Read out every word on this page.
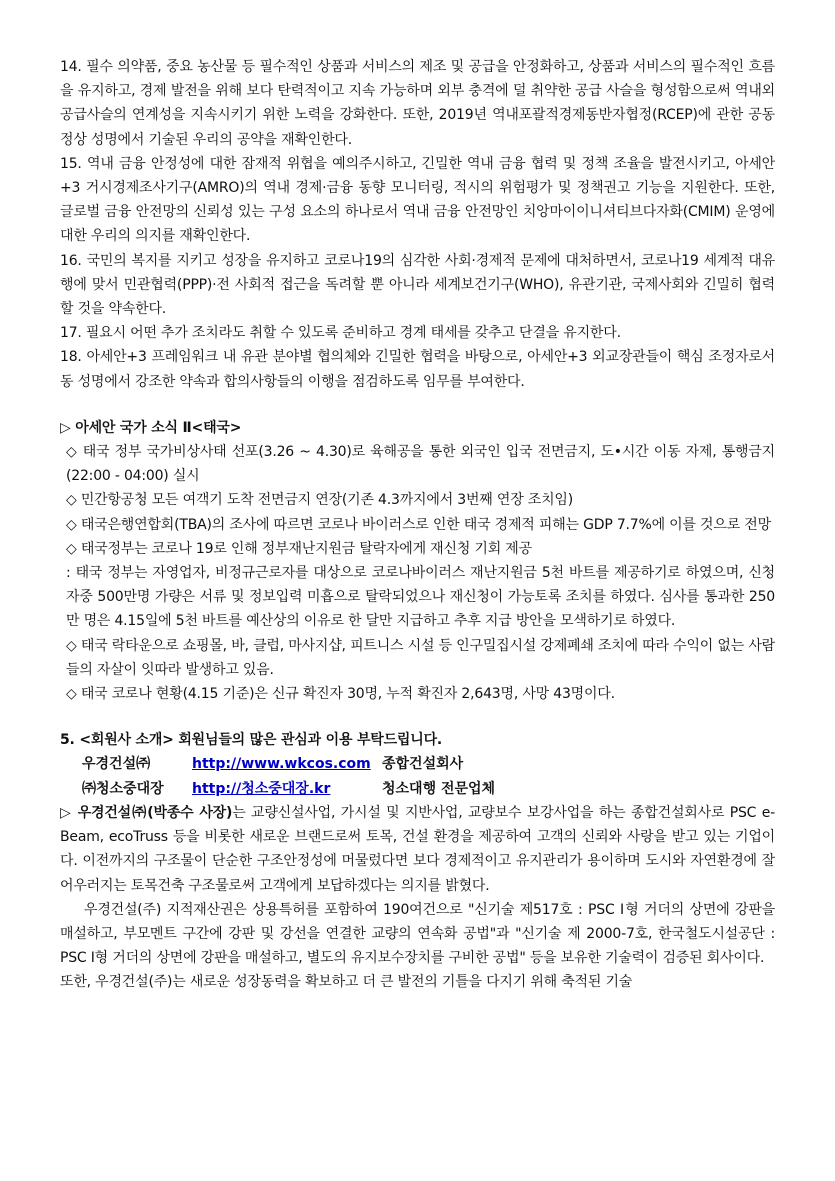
14. 필수 의약품, 중요 농산물 등 필수적인 상품과 서비스의 제조 및 공급을 안정화하고, 상품과 서비스의 필수적인 흐름을 유지하고, 경제 발전을 위해 보다 탄력적이고 지속 가능하며 외부 충격에 덜 취약한 공급 사슬을 형성함으로써 역내외 공급사슬의 연계성을 지속시키기 위한 노력을 강화한다. 또한, 2019년 역내포괄적경제동반자협정(RCEP)에 관한 공동 정상 성명에서 기술된 우리의 공약을 재확인한다.

15. 역내 금융 안정성에 대한 잠재적 위협을 예의주시하고, 긴밀한 역내 금융 협력 및 정책 조율을 발전시키고, 아세안+3 거시경제조사기구(AMRO)의 역내 경제·금융 동향 모니터링, 적시의 위험평가 및 정책권고 기능을 지원한다. 또한, 글로벌 금융 안전망의 신뢰성 있는 구성 요소의 하나로서 역내 금융 안전망인 치앙마이이니셔티브다자화(CMIM) 운영에 대한 우리의 의지를 재확인한다.

16. 국민의 복지를 지키고 성장을 유지하고 코로나19의 심각한 사회·경제적 문제에 대처하면서, 코로나19 세계적 대유행에 맞서 민관협력(PPP)·전 사회적 접근을 독려할 뿐 아니라 세계보건기구(WHO), 유관기관, 국제사회와 긴밀히 협력할 것을 약속한다.

17. 필요시 어떤 추가 조치라도 취할 수 있도록 준비하고 경계 태세를 갖추고 단결을 유지한다.

18. 아세안+3 프레임워크 내 유관 분야별 협의체와 긴밀한 협력을 바탕으로, 아세안+3 외교장관들이 핵심 조정자로서 동 성명에서 강조한 약속과 합의사항들의 이행을 점검하도록 임무를 부여한다.

▷ 아세안 국가 소식 Ⅱ<태국>

◇ 태국 정부 국가비상사태 선포(3.26 ~ 4.30)로 육해공을 통한 외국인 입국 전면금지, 도•시간 이동 자제, 통행금지(22:00 - 04:00) 실시

◇ 민간항공청 모든 여객기 도착 전면금지 연장(기존 4.3까지에서 3번째 연장 조치임)

◇ 태국은행연합회(TBA)의 조사에 따르면 코로나 바이러스로 인한 태국 경제적 피해는 GDP 7.7%에 이를 것으로 전망

◇ 태국정부는 코로나 19로 인해 정부재난지원금 탈락자에게 재신청 기회 제공

: 태국 정부는 자영업자, 비정규근로자를 대상으로 코로나바이러스 재난지원금 5천 바트를 제공하기로 하였으며, 신청자중 500만명 가량은 서류 및 정보입력 미흡으로 탈락되었으나 재신청이 가능토록 조치를 하였다. 심사를 통과한 250만 명은 4.15일에 5천 바트를 예산상의 이유로 한 달만 지급하고 추후 지급 방안을 모색하기로 하였다.

◇ 태국 락타운으로 쇼핑몰, 바, 클럽, 마사지샵, 피트니스 시설 등 인구밀집시설 강제폐쇄 조치에 따라 수익이 없는 사람들의 자살이 잇따라 발생하고 있음.

◇ 태국 코로나 현황(4.15 기준)은 신규 확진자 30명, 누적 확진자 2,643명, 사망 43명이다.

5. <회원사 소개> 회원님들의 많은 관심과 이용 부탁드립니다.

우경건설㈜	http://www.wkcos.com 종합건설회사
㈜청소중대장	http://청소중대장.kr	청소대행 전문업체

▷ 우경건설㈜(박종수 사장)는 교량신설사업, 가시설 및 지반사업, 교량보수 보강사업을 하는 종합건설회사로 PSC e-Beam, ecoTruss 등을 비롯한 새로운 브랜드로써 토목, 건설 환경을 제공하여 고객의 신뢰와 사랑을 받고 있는 기업이다. 이전까지의 구조물이 단순한 구조안정성에 머물렀다면 보다 경제적이고 유지관리가 용이하며 도시와 자연환경에 잘 어우러지는 토목건축 구조물로써 고객에게 보답하겠다는 의지를 밝혔다.

우경건설(주) 지적재산권은 상용특허를 포함하여 190여건으로 "신기술 제517호 : PSC Ⅰ형 거더의 상면에 강판을 매설하고, 부모멘트 구간에 강판 및 강선을 연결한 교량의 연속화 공법"과 "신기술 제 2000-7호, 한국철도시설공단 : PSC Ⅰ형 거더의 상면에 강판을 매설하고, 별도의 유지보수장치를 구비한 공법" 등을 보유한 기술력이 검증된 회사이다.

또한, 우경건설(주)는 새로운 성장동력을 확보하고 더 큰 발전의 기틀을 다지기 위해 축적된 기술
